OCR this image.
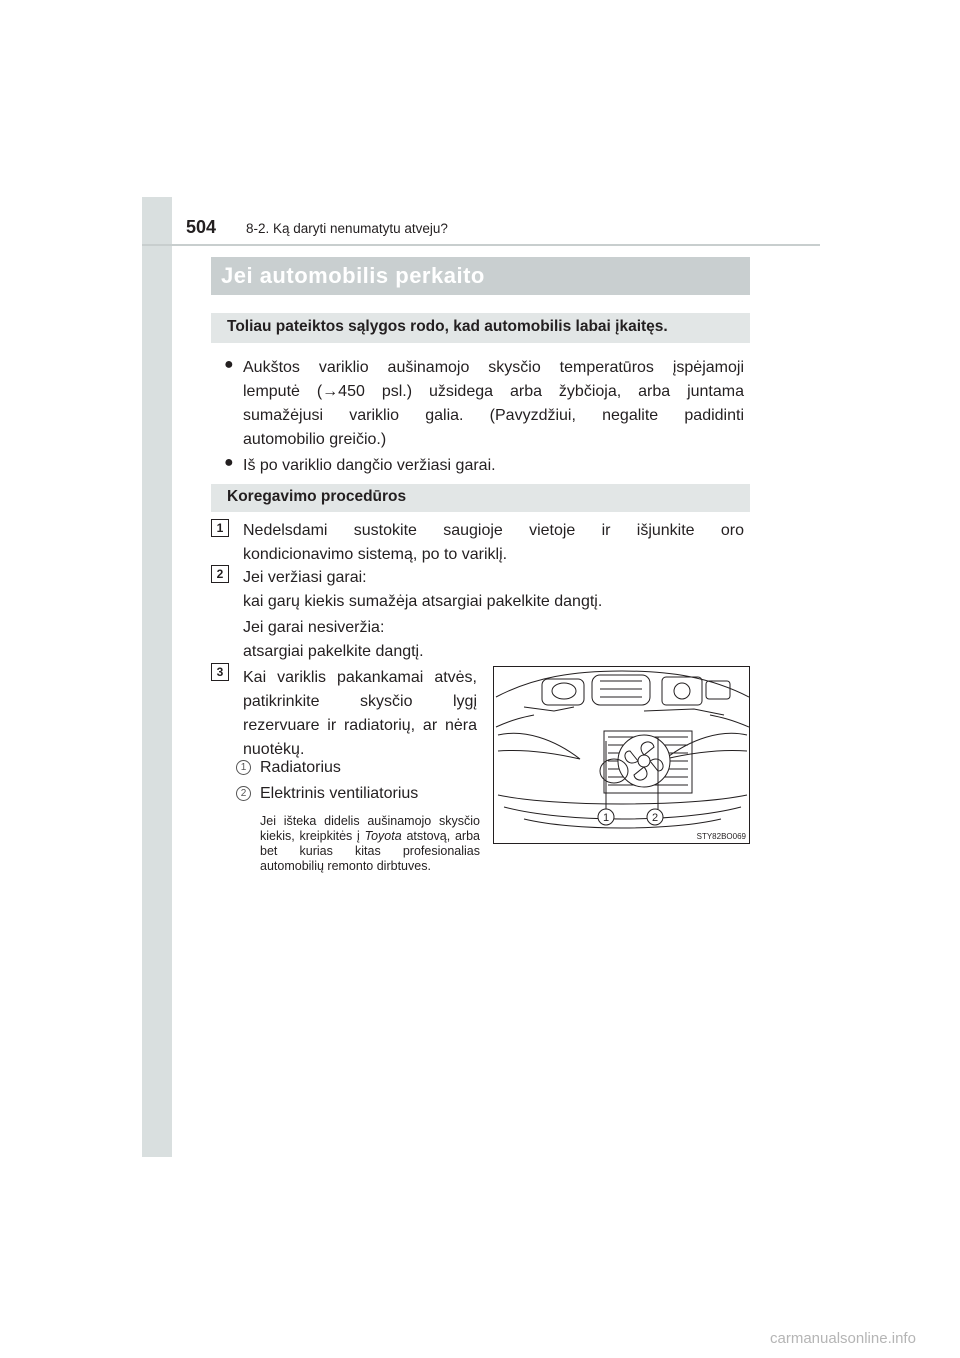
504 8-2. Ką daryti nenumatytu atveju?
Jei automobilis perkaito
Toliau pateiktos sąlygos rodo, kad automobilis labai įkaitęs.
● Aukštos variklio aušinamojo skysčio temperatūros įspėjamoji
lemputė (→450 psl.) užsidega arba žybčioja, arba juntama
sumažėjusi variklio galia. (Pavyzdžiui, negalite padidinti
automobilio greičio.)
● Iš po variklio dangčio veržiasi garai.
Koregavimo procedūros
1	Nedelsdami sustokite saugioje vietoje ir išjunkite oro
kondicionavimo sistemą, po to variklį.
2	Jei veržiasi garai:
kai garų kiekis sumažėja atsargiai pakelkite dangtį.
Jei garai nesiveržia:
atsargiai pakelkite dangtį.
3	Kai variklis pakankamai atvės,
patikrinkite skysčio lygį
rezervuare ir radiatorių, ar nėra
nuotėkų.
1 Radiatorius
2 Elektrinis ventiliatorius
Jei išteka didelis aušinamojo skysčio kiekis, kreipkitės į Toyota atstovą, arba bet kurias kitas profesionalias automobilių remonto dirbtuves.
1	2
STY82BO069
carmanualsonline.info
